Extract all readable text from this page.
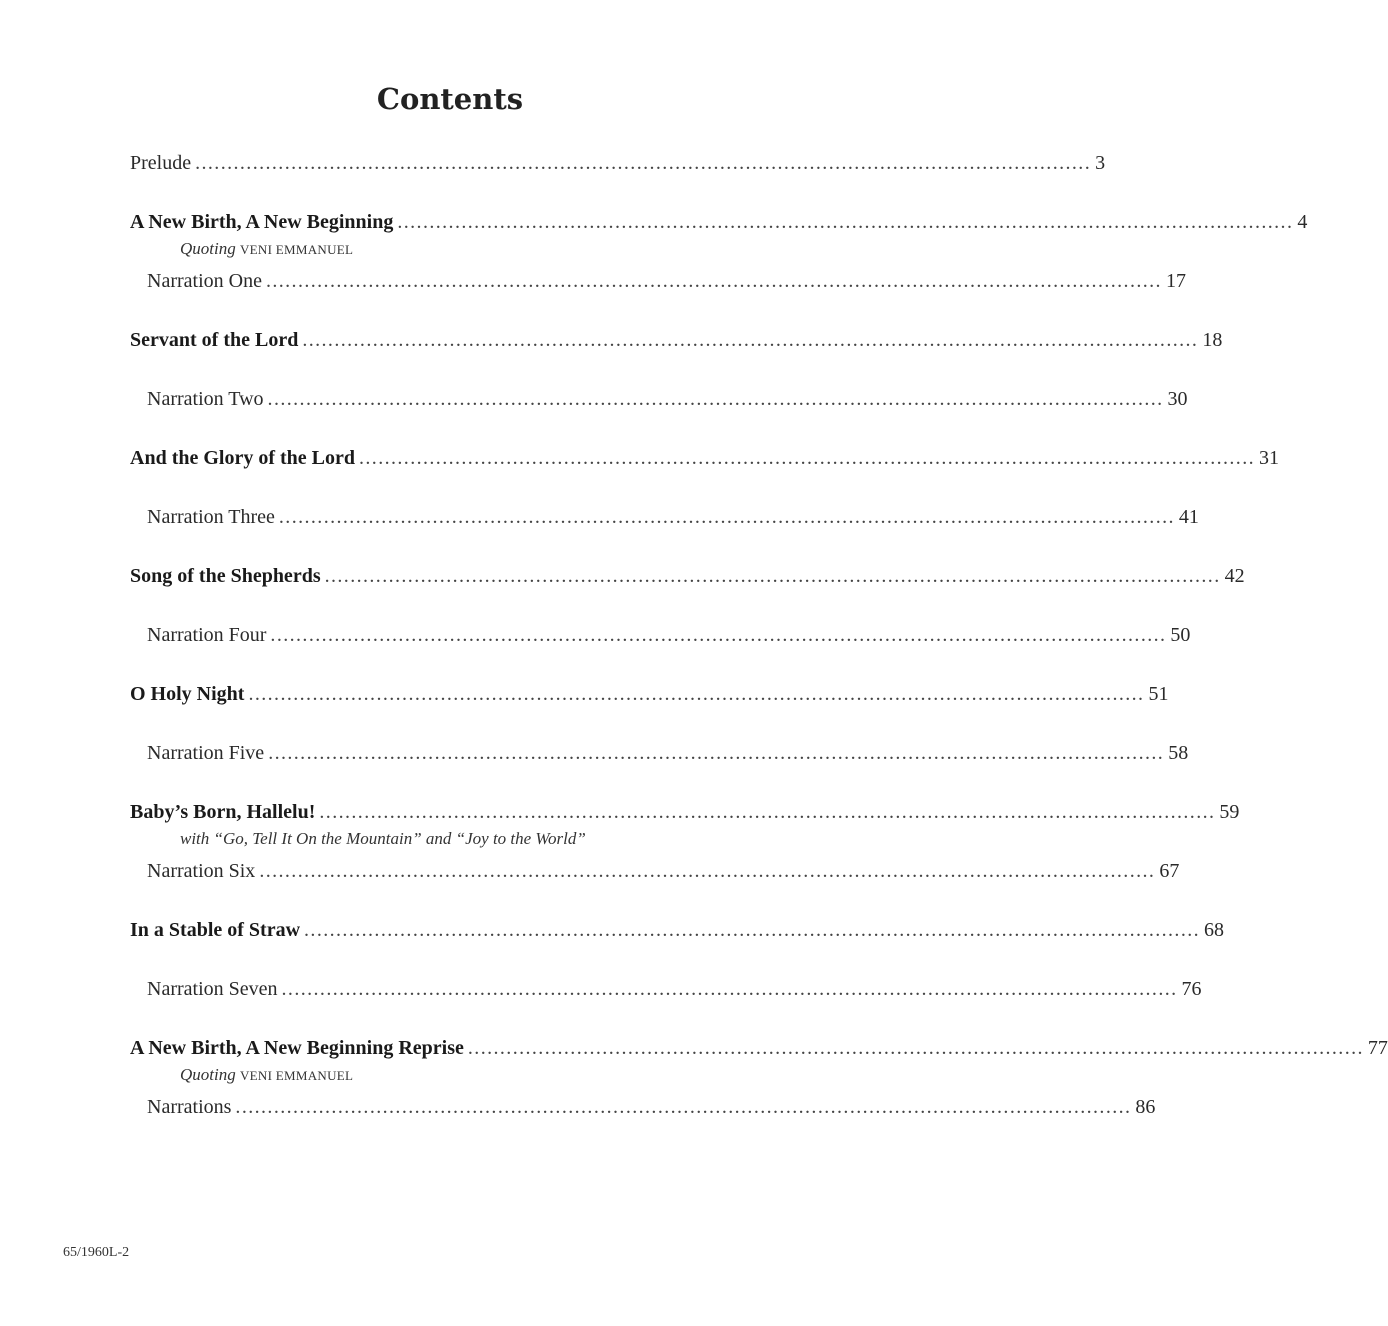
Contents
Prelude ............................................................................................................................................ 3
A New Birth, A New Beginning ............................................................................................................................................ 4
Quoting VENI EMMANUEL
Narration One ............................................................................................................................................ 17
Servant of the Lord ............................................................................................................................................ 18
Narration Two ............................................................................................................................................ 30
And the Glory of the Lord ............................................................................................................................................ 31
Narration Three ............................................................................................................................................ 41
Song of the Shepherds ............................................................................................................................................ 42
Narration Four ............................................................................................................................................ 50
O Holy Night ............................................................................................................................................ 51
Narration Five ............................................................................................................................................ 58
Baby’s Born, Hallelu! ............................................................................................................................................ 59
with “Go, Tell It On the Mountain” and “Joy to the World”
Narration Six ............................................................................................................................................ 67
In a Stable of Straw ............................................................................................................................................ 68
Narration Seven ............................................................................................................................................ 76
A New Birth, A New Beginning Reprise ............................................................................................................................................ 77
Quoting VENI EMMANUEL
Narrations ............................................................................................................................................ 86
65/1960L-2
